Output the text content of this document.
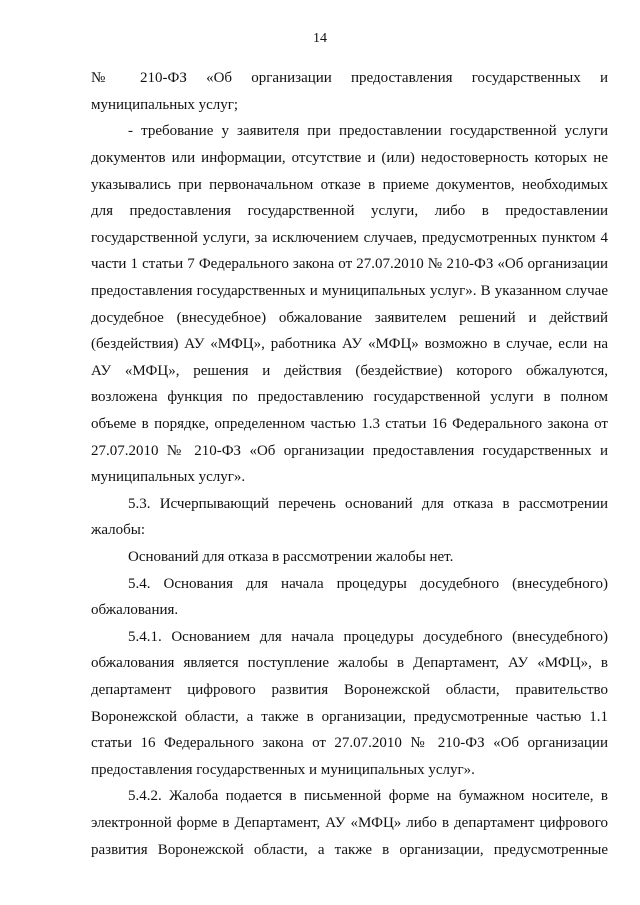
14
№ 210-ФЗ «Об организации предоставления государственных и
муниципальных услуг;
- требование у заявителя при предоставлении государственной услуги
документов или информации, отсутствие и (или) недостоверность которых не
указывались при первоначальном отказе в приеме документов, необходимых
для предоставления государственной услуги, либо в предоставлении
государственной услуги, за исключением случаев, предусмотренных пунктом 4
части 1 статьи 7 Федерального закона от 27.07.2010 № 210-ФЗ «Об организации
предоставления государственных и муниципальных услуг». В указанном случае
досудебное (внесудебное) обжалование заявителем решений и действий
(бездействия) АУ «МФЦ», работника АУ «МФЦ» возможно в случае, если на
АУ «МФЦ», решения и действия (бездействие) которого обжалуются,
возложена функция по предоставлению государственной услуги в полном
объеме в порядке, определенном частью 1.3 статьи 16 Федерального закона от
27.07.2010 № 210-ФЗ «Об организации предоставления государственных и
муниципальных услуг».
5.3. Исчерпывающий перечень оснований для отказа в рассмотрении
жалобы:
Оснований для отказа в рассмотрении жалобы нет.
5.4. Основания для начала процедуры досудебного (внесудебного)
обжалования.
5.4.1. Основанием для начала процедуры досудебного (внесудебного)
обжалования является поступление жалобы в Департамент, АУ «МФЦ», в
департамент цифрового развития Воронежской области, правительство
Воронежской области, а также в организации, предусмотренные частью 1.1
статьи 16 Федерального закона от 27.07.2010 № 210-ФЗ «Об организации
предоставления государственных и муниципальных услуг».
5.4.2. Жалоба подается в письменной форме на бумажном носителе, в
электронной форме в Департамент, АУ «МФЦ» либо в департамент цифрового
развития Воронежской области, а также в организации, предусмотренные
